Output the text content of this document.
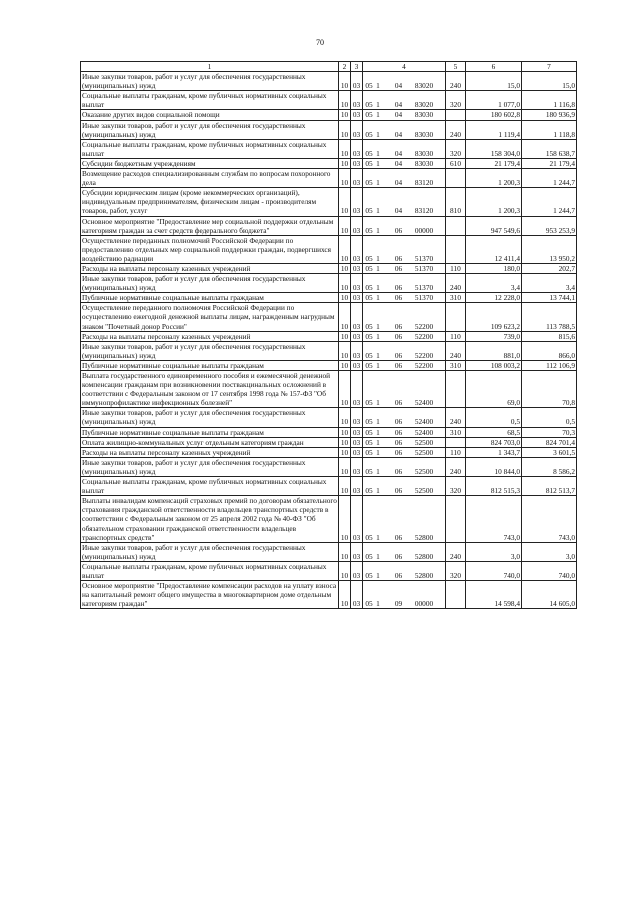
70
1	2	3	4	5	6	7
Иные закупки товаров, работ и услуг для обеспечения государственных (муниципальных) нужд	10	03	05 1 04 83020	240	15,0	15,0
Социальные выплаты гражданам, кроме публичных нормативных социальных выплат	10	03	05 1 04 83020	320	1 077,0	1 116,8
Оказание других видов социальной помощи	10	03	05 1 04 83030		180 602,8	180 936,9
Иные закупки товаров, работ и услуг для обеспечения государственных (муниципальных) нужд	10	03	05 1 04 83030	240	1 119,4	1 118,8
Социальные выплаты гражданам, кроме публичных нормативных социальных выплат	10	03	05 1 04 83030	320	158 304,0	158 638,7
Субсидии бюджетным учреждениям	10	03	05 1 04 83030	610	21 179,4	21 179,4
Возмещение расходов специализированным службам по вопросам похоронного дела	10	03	05 1 04 83120		1 200,3	1 244,7
Субсидии юридическим лицам (кроме некоммерческих организаций), индивидуальным предпринимателям, физическим лицам - производителям товаров, работ, услуг	10	03	05 1 04 83120	810	1 200,3	1 244,7
Основное мероприятие "Предоставление мер социальной поддержки отдельным категориям граждан за счет средств федерального бюджета"	10	03	05 1 06 00000		947 549,6	953 253,9
Осуществление переданных полномочий Российской Федерации по предоставлению отдельных мер социальной поддержки граждан, подвергшихся воздействию радиации	10	03	05 1 06 51370		12 411,4	13 950,2
Расходы на выплаты персоналу казенных учреждений	10	03	05 1 06 51370	110	180,0	202,7
Иные закупки товаров, работ и услуг для обеспечения государственных (муниципальных) нужд	10	03	05 1 06 51370	240	3,4	3,4
Публичные нормативные социальные выплаты гражданам	10	03	05 1 06 51370	310	12 228,0	13 744,1
Осуществление переданного полномочия Российской Федерации по осуществлению ежегодной денежной выплаты лицам, награжденным нагрудным знаком "Почетный донор России"	10	03	05 1 06 52200		109 623,2	113 788,5
Расходы на выплаты персоналу казенных учреждений	10	03	05 1 06 52200	110	739,0	815,6
Иные закупки товаров, работ и услуг для обеспечения государственных (муниципальных) нужд	10	03	05 1 06 52200	240	881,0	866,0
Публичные нормативные социальные выплаты гражданам	10	03	05 1 06 52200	310	108 003,2	112 106,9
Выплата государственного единовременного пособия и ежемесячной денежной компенсации гражданам при возникновении поствакцинальных осложнений в соответствии с Федеральным законом от 17 сентября 1998 года № 157-ФЗ "Об иммунопрофилактике инфекционных болезней"	10	03	05 1 06 52400		69,0	70,8
Иные закупки товаров, работ и услуг для обеспечения государственных (муниципальных) нужд	10	03	05 1 06 52400	240	0,5	0,5
Публичные нормативные социальные выплаты гражданам	10	03	05 1 06 52400	310	68,5	70,3
Оплата жилищно-коммунальных услуг отдельным категориям граждан	10	03	05 1 06 52500		824 703,0	824 701,4
Расходы на выплаты персоналу казенных учреждений	10	03	05 1 06 52500	110	1 343,7	3 601,5
Иные закупки товаров, работ и услуг для обеспечения государственных (муниципальных) нужд	10	03	05 1 06 52500	240	10 844,0	8 586,2
Социальные выплаты гражданам, кроме публичных нормативных социальных выплат	10	03	05 1 06 52500	320	812 515,3	812 513,7
Выплаты инвалидам компенсаций страховых премий по договорам обязательного страхования гражданской ответственности владельцев транспортных средств в соответствии с Федеральным законом от 25 апреля 2002 года № 40-ФЗ "Об обязательном страховании гражданской ответственности владельцев транспортных средств"	10	03	05 1 06 52800		743,0	743,0
Иные закупки товаров, работ и услуг для обеспечения государственных (муниципальных) нужд	10	03	05 1 06 52800	240	3,0	3,0
Социальные выплаты гражданам, кроме публичных нормативных социальных выплат	10	03	05 1 06 52800	320	740,0	740,0
Основное мероприятие "Предоставление компенсации расходов на уплату взноса на капитальный ремонт общего имущества в многоквартирном доме отдельным категориям граждан"	10	03	05 1 09 00000		14 598,4	14 605,0
